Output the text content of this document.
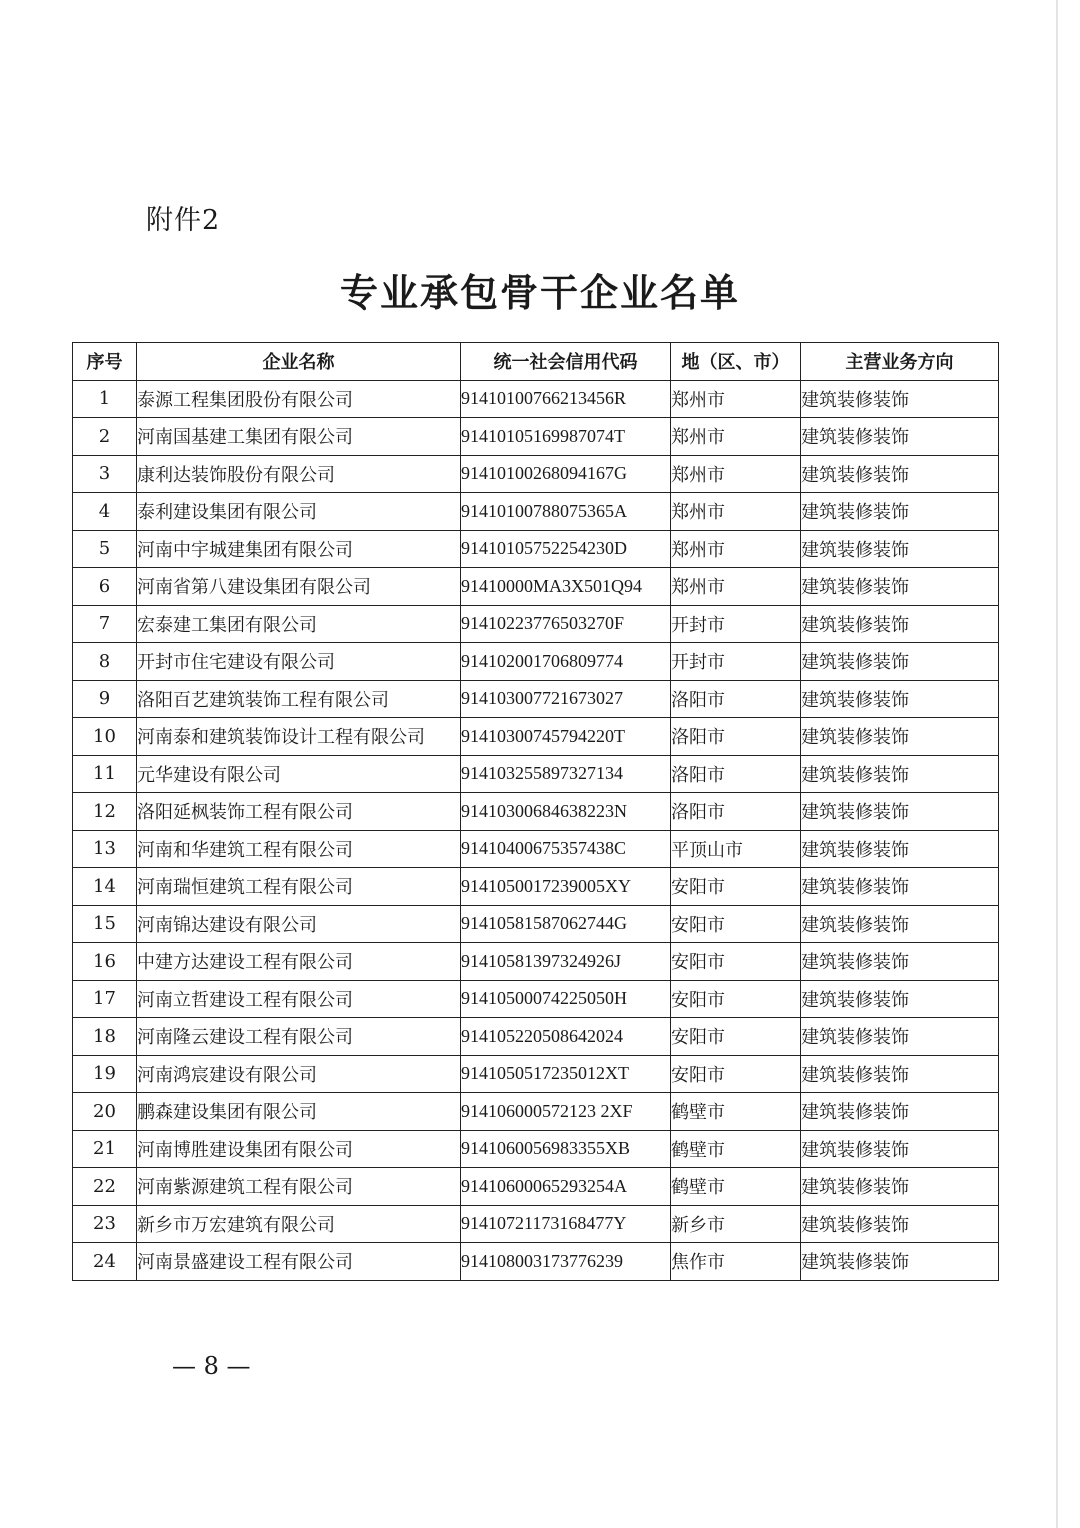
附件2
专业承包骨干企业名单
序号	企业名称	统一社会信用代码	地（区、市）	主营业务方向
1	泰源工程集团股份有限公司	91410100766213456R	郑州市	建筑装修装饰
2	河南国基建工集团有限公司	91410105169987074T	郑州市	建筑装修装饰
3	康利达装饰股份有限公司	91410100268094167G	郑州市	建筑装修装饰
4	泰利建设集团有限公司	91410100788075365A	郑州市	建筑装修装饰
5	河南中宇城建集团有限公司	91410105752254230D	郑州市	建筑装修装饰
6	河南省第八建设集团有限公司	91410000MA3X501Q94	郑州市	建筑装修装饰
7	宏泰建工集团有限公司	91410223776503270F	开封市	建筑装修装饰
8	开封市住宅建设有限公司	914102001706809774	开封市	建筑装修装饰
9	洛阳百艺建筑装饰工程有限公司	914103007721673027	洛阳市	建筑装修装饰
10	河南泰和建筑装饰设计工程有限公司	91410300745794220T	洛阳市	建筑装修装饰
11	元华建设有限公司	914103255897327134	洛阳市	建筑装修装饰
12	洛阳延枫装饰工程有限公司	91410300684638223N	洛阳市	建筑装修装饰
13	河南和华建筑工程有限公司	91410400675357438C	平顶山市	建筑装修装饰
14	河南瑞恒建筑工程有限公司	9141050017239005XY	安阳市	建筑装修装饰
15	河南锦达建设有限公司	91410581587062744G	安阳市	建筑装修装饰
16	中建方达建设工程有限公司	91410581397324926J	安阳市	建筑装修装饰
17	河南立哲建设工程有限公司	91410500074225050H	安阳市	建筑装修装饰
18	河南隆云建设工程有限公司	914105220508642024	安阳市	建筑装修装饰
19	河南鸿宸建设有限公司	9141050517235012XT	安阳市	建筑装修装饰
20	鹏森建设集团有限公司	914106000572123 2XF	鹤壁市	建筑装修装饰
21	河南博胜建设集团有限公司	9141060056983355XB	鹤壁市	建筑装修装饰
22	河南紫源建筑工程有限公司	91410600065293254A	鹤壁市	建筑装修装饰
23	新乡市万宏建筑有限公司	91410721173168477Y	新乡市	建筑装修装饰
24	河南景盛建设工程有限公司	914108003173776239	焦作市	建筑装修装饰
— 8 —
